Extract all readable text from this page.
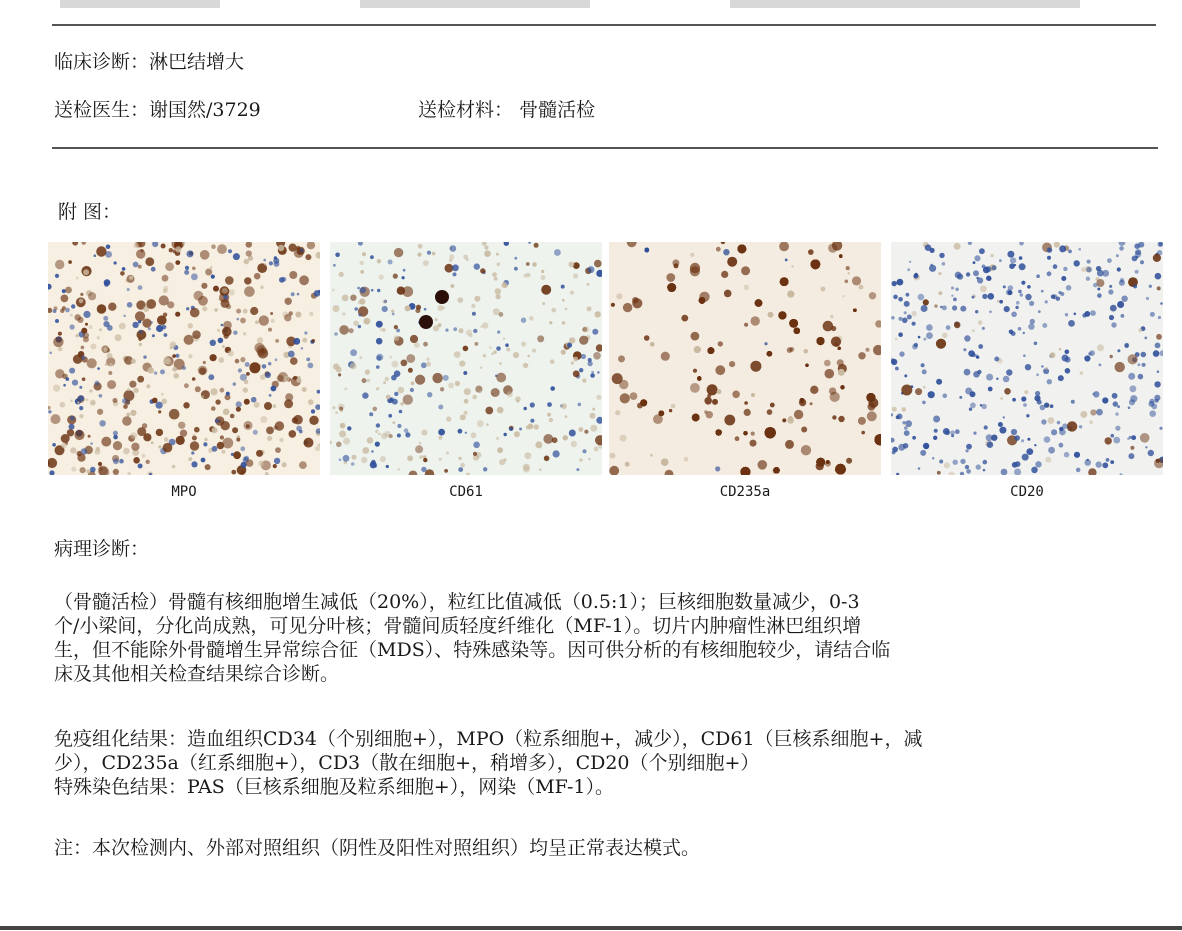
临床诊断：淋巴结增大
送检医生：谢国然/3729	送检材料： 骨髓活检
附 图：
MPO	CD61	CD235a	CD20
病理诊断：
（骨髓活检）骨髓有核细胞增生减低（20%），粒红比值减低（0.5:1）；巨核细胞数量减少，0-3
个/小梁间，分化尚成熟，可见分叶核；骨髓间质轻度纤维化（MF-1）。切片内肿瘤性淋巴组织增
生，但不能除外骨髓增生异常综合征（MDS）、特殊感染等。因可供分析的有核细胞较少，请结合临
床及其他相关检查结果综合诊断。
免疫组化结果：造血组织CD34（个别细胞+），MPO（粒系细胞+，减少），CD61（巨核系细胞+，减
少），CD235a（红系细胞+），CD3（散在细胞+，稍增多），CD20（个别细胞+）
特殊染色结果：PAS（巨核系细胞及粒系细胞+），网染（MF-1）。
注：本次检测内、外部对照组织（阴性及阳性对照组织）均呈正常表达模式。
